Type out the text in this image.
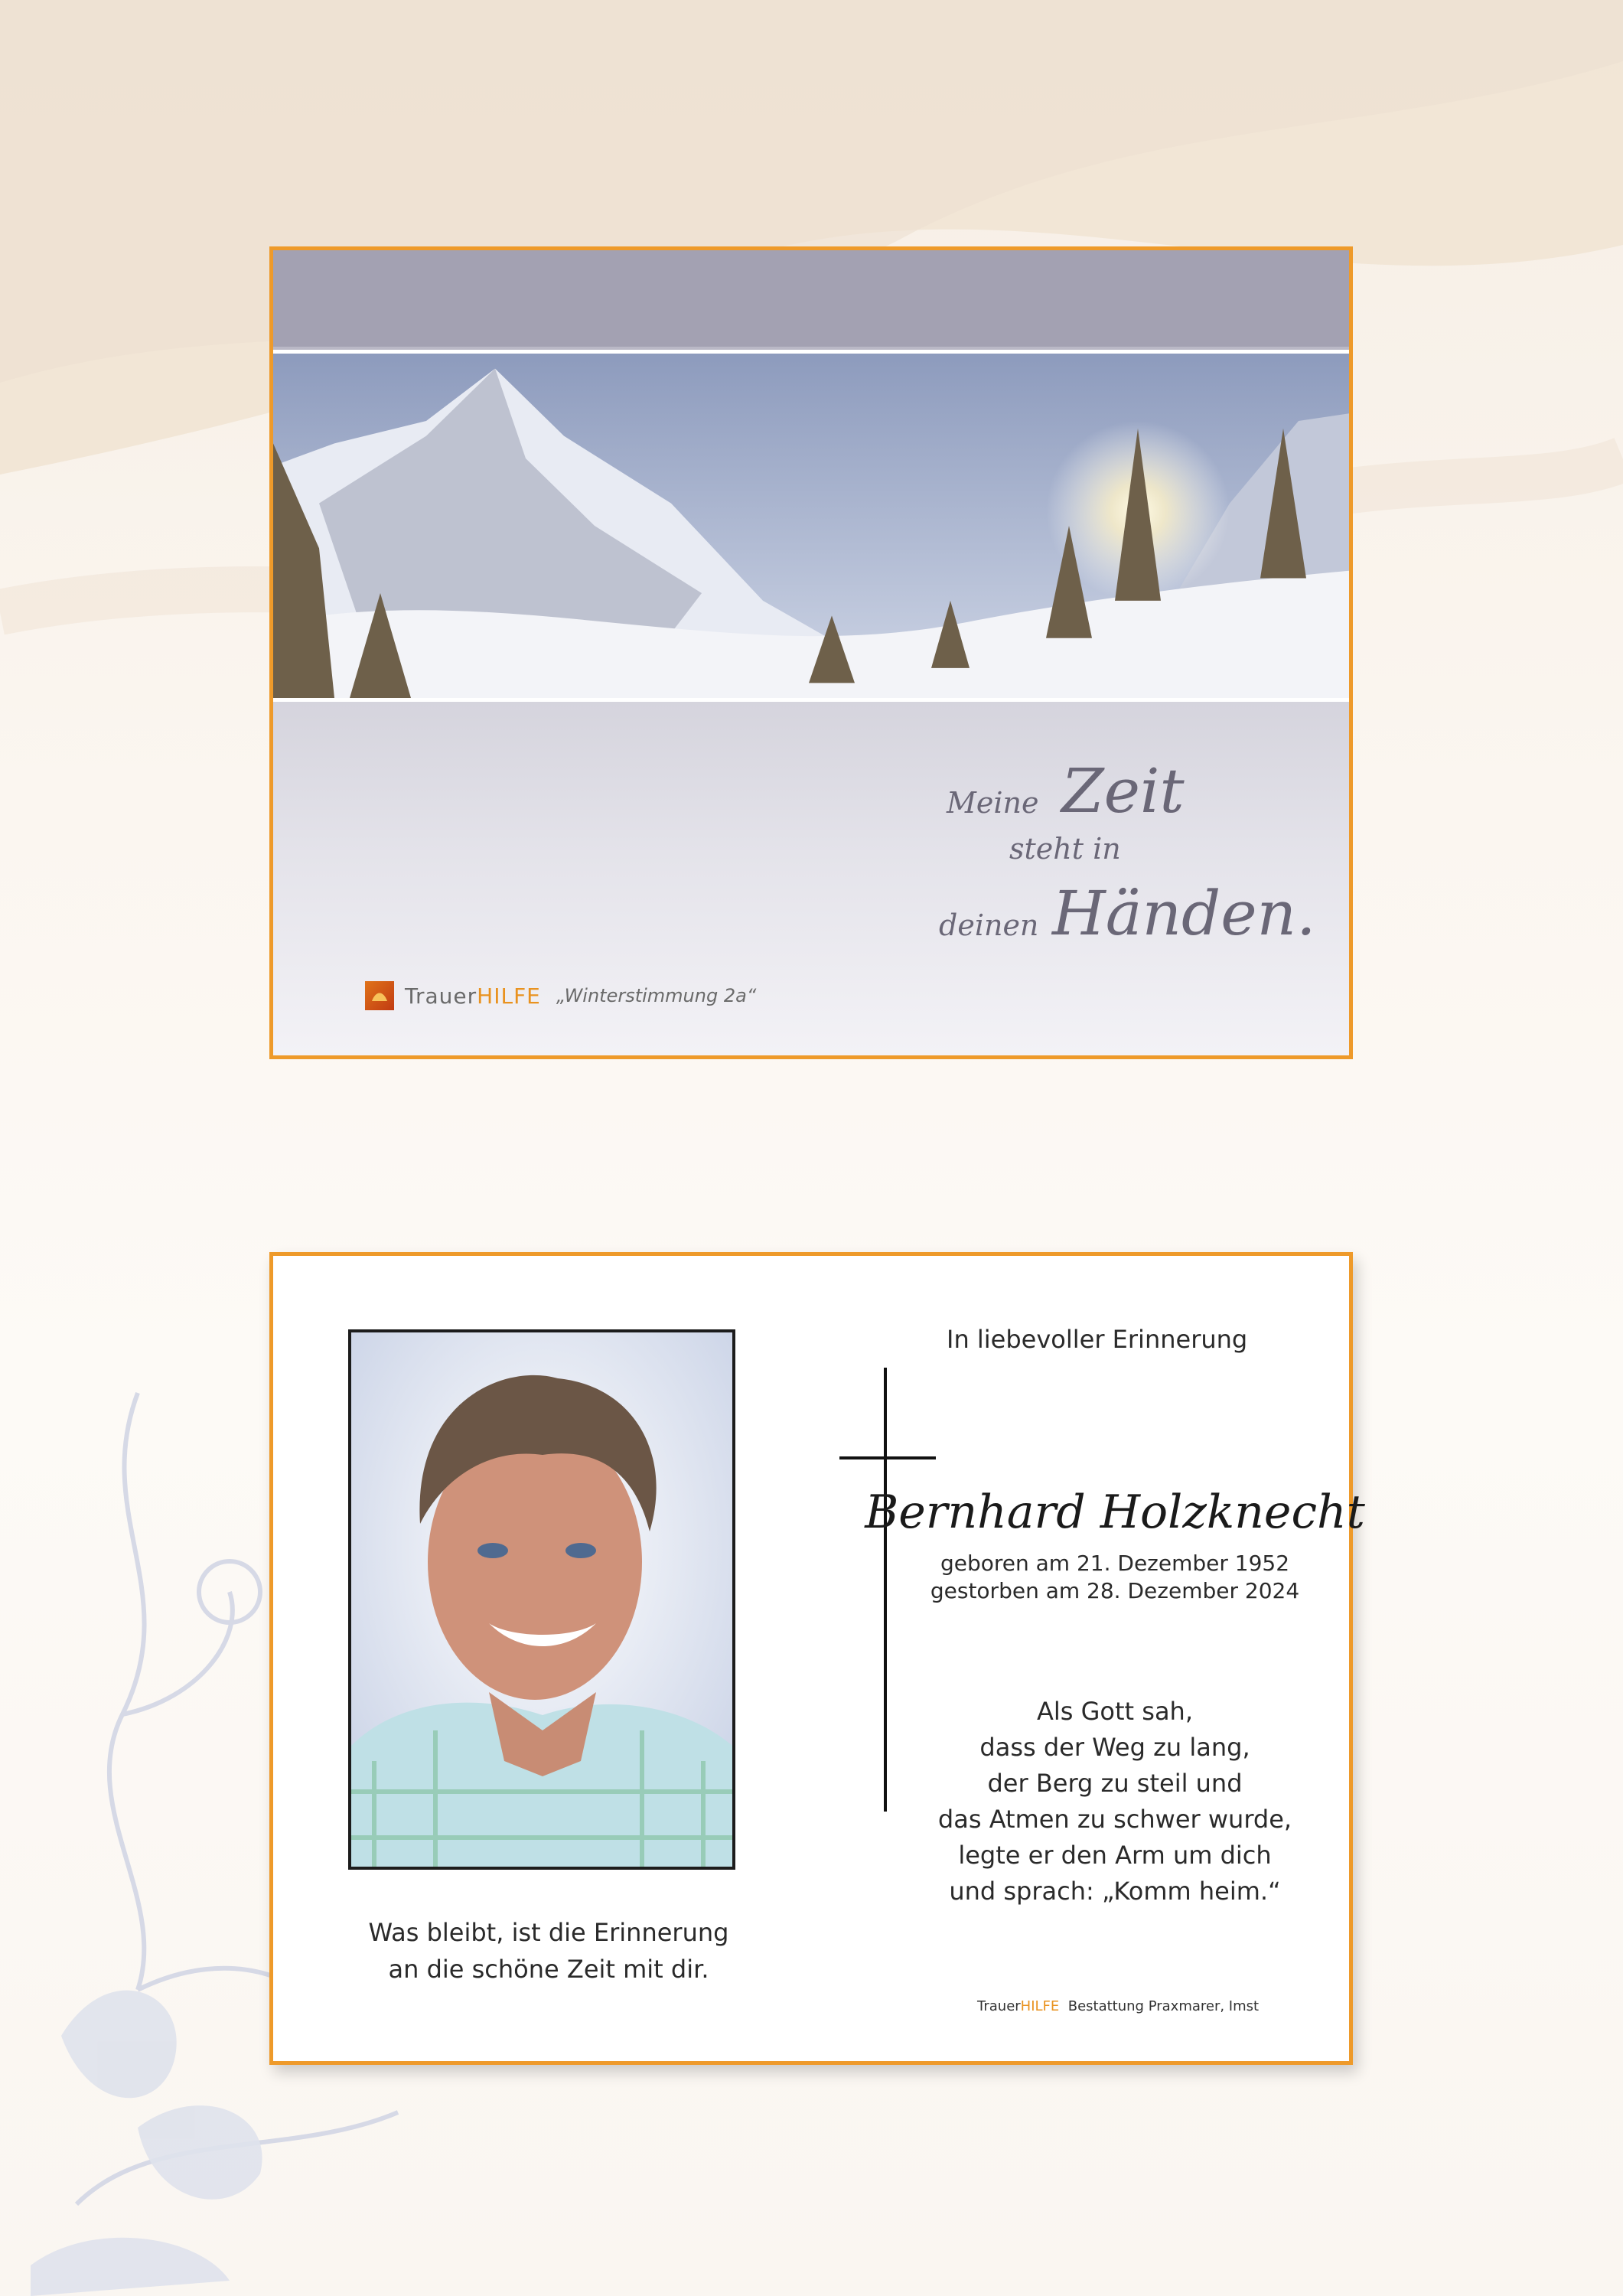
Meine Zeit
steht in
deinen Händen.
TrauerHILFE „Winterstimmung 2a“
Was bleibt, ist die Erinnerung
an die schöne Zeit mit dir.
In liebevoller Erinnerung
Bernhard Holzknecht
geboren am 21. Dezember 1952
gestorben am 28. Dezember 2024
Als Gott sah,
dass der Weg zu lang,
der Berg zu steil und
das Atmen zu schwer wurde,
legte er den Arm um dich
und sprach: „Komm heim.“
TrauerHILFE Bestattung Praxmarer, Imst
